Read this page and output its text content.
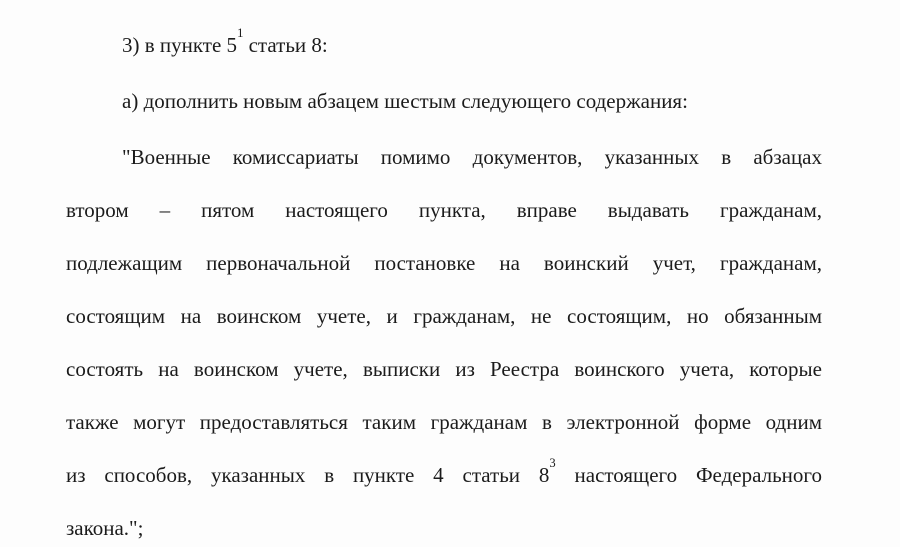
3) в пункте $5^1$ статьи 8:
а) дополнить новым абзацем шестым следующего содержания:
"Военные комиссариаты помимо документов, указанных в абзацах
втором – пятом настоящего пункта, вправе выдавать гражданам,
подлежащим первоначальной постановке на воинский учет, гражданам,
состоящим на воинском учете, и гражданам, не состоящим, но обязанным
состоять на воинском учете, выписки из Реестра воинского учета, которые
также могут предоставляться таким гражданам в электронной форме одним
из способов, указанных в пункте 4 статьи $8^3$ настоящего Федерального
закона.";
